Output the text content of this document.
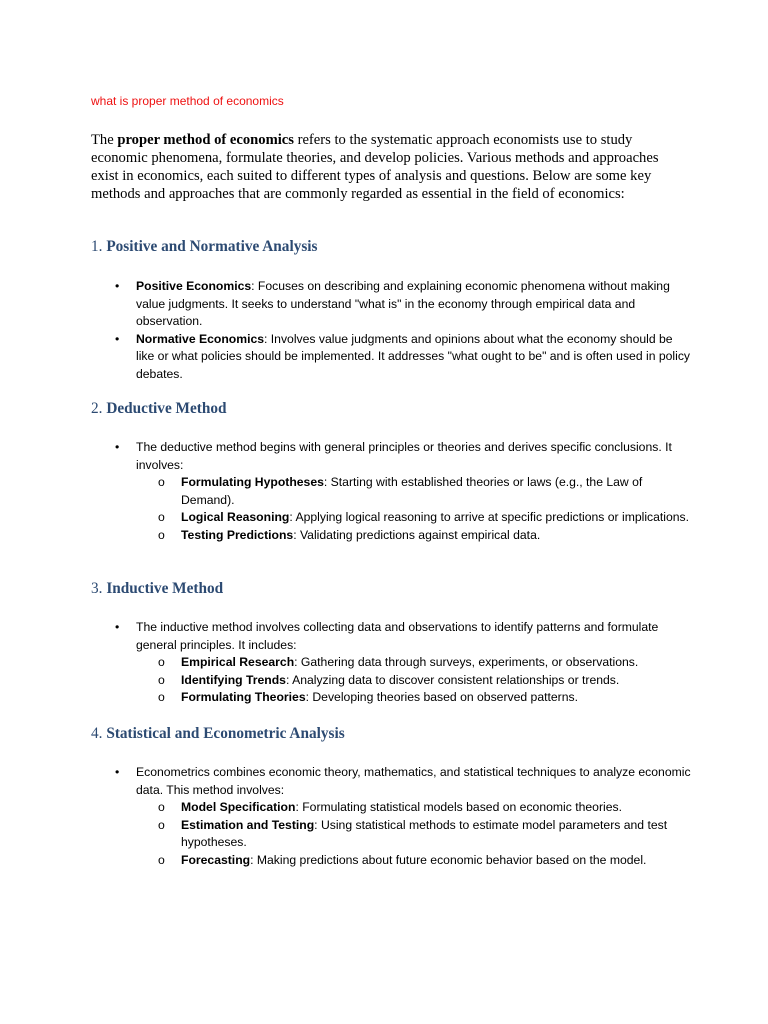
what is proper method of economics

The proper method of economics refers to the systematic approach economists use to study economic phenomena, formulate theories, and develop policies. Various methods and approaches exist in economics, each suited to different types of analysis and questions. Below are some key methods and approaches that are commonly regarded as essential in the field of economics:

1. Positive and Normative Analysis
• Positive Economics: Focuses on describing and explaining economic phenomena without making value judgments. It seeks to understand "what is" in the economy through empirical data and observation.
• Normative Economics: Involves value judgments and opinions about what the economy should be like or what policies should be implemented. It addresses "what ought to be" and is often used in policy debates.
2. Deductive Method
• The deductive method begins with general principles or theories and derives specific conclusions. It involves:
o Formulating Hypotheses: Starting with established theories or laws (e.g., the Law of Demand).
o Logical Reasoning: Applying logical reasoning to arrive at specific predictions or implications.
o Testing Predictions: Validating predictions against empirical data.
3. Inductive Method
• The inductive method involves collecting data and observations to identify patterns and formulate general principles. It includes:
o Empirical Research: Gathering data through surveys, experiments, or observations.
o Identifying Trends: Analyzing data to discover consistent relationships or trends.
o Formulating Theories: Developing theories based on observed patterns.
4. Statistical and Econometric Analysis
• Econometrics combines economic theory, mathematics, and statistical techniques to analyze economic data. This method involves:
o Model Specification: Formulating statistical models based on economic theories.
o Estimation and Testing: Using statistical methods to estimate model parameters and test hypotheses.
o Forecasting: Making predictions about future economic behavior based on the model.
